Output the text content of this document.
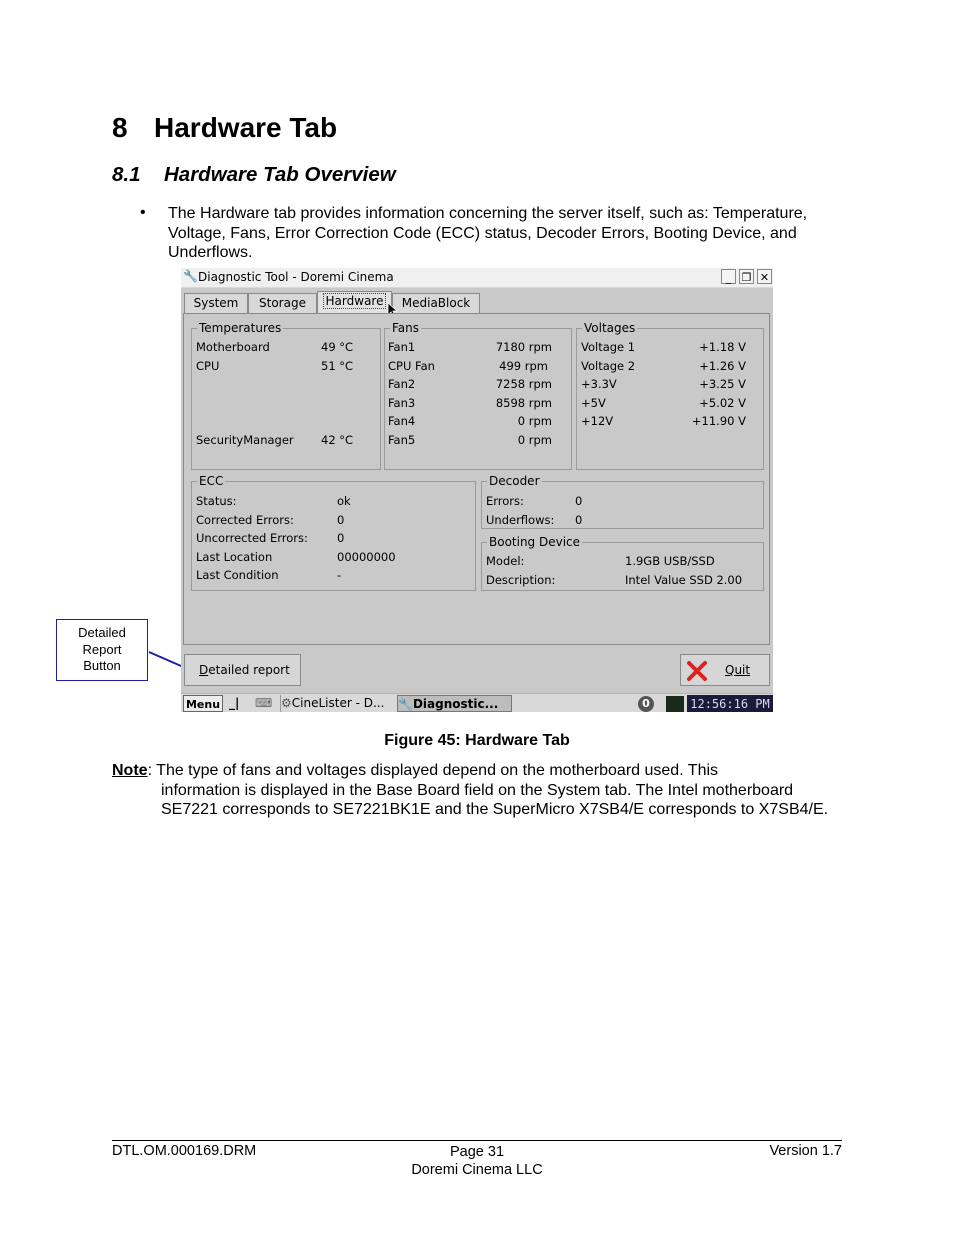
8 Hardware Tab
8.1 Hardware Tab Overview
• The Hardware tab provides information concerning the server itself, such as: Temperature, Voltage, Fans, Error Correction Code (ECC) status, Decoder Errors, Booting Device, and Underflows.
Detailed
Report
Button
🔧 Diagnostic Tool - Doremi Cinema	_ ❐ ✕
System	Storage	Hardware	MediaBlock
Temperatures
Motherboard	49 °C
CPU	51 °C
SecurityManager 42 °C
Fans
Fan1	7180 rpm
CPU Fan	499 rpm
Fan2	7258 rpm
Fan3	8598 rpm
Fan4	0 rpm
Fan5	0 rpm
Voltages
Voltage 1	+1.18 V
Voltage 2	+1.26 V
+3.3V	+3.25 V
+5V	+5.02 V
+12V	+11.90 V
ECC
Status:	ok
Corrected Errors:	0
Uncorrected Errors:	0
Last Location	00000000
Last Condition	-
Decoder
Errors:	0
Underflows: 0
Booting Device
Model:	1.9GB USB/SSD
Description:	Intel Value SSD 2.00
Detailed report	Quit
Menu _|	⌨ ⚙CineLister - D...	🔧Diagnostic...	0	12:56:16 PM
Figure 45: Hardware Tab
Note: The type of fans and voltages displayed depend on the motherboard used. This
information is displayed in the Base Board field on the System tab. The Intel motherboard SE7221 corresponds to SE7221BK1E and the SuperMicro X7SB4/E corresponds to X7SB4/E.
DTL.OM.000169.DRM	Page 31
Doremi Cinema LLC
Version 1.7
